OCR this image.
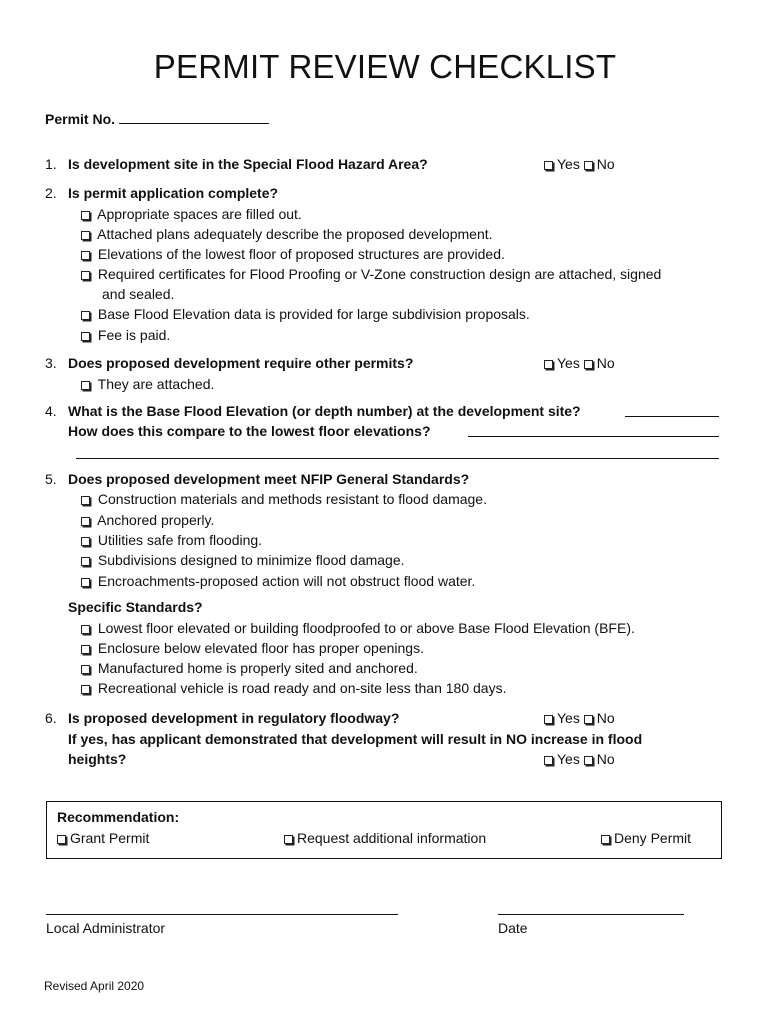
PERMIT REVIEW CHECKLIST
Permit No.
1. Is development site in the Special Flood Hazard Area?	Yes No
2. Is permit application complete?
Appropriate spaces are filled out.
Attached plans adequately describe the proposed development.
Elevations of the lowest floor of proposed structures are provided.
Required certificates for Flood Proofing or V-Zone construction design are attached, signed
and sealed.
Base Flood Elevation data is provided for large subdivision proposals.
Fee is paid.
3. Does proposed development require other permits?	Yes No
They are attached.
4. What is the Base Flood Elevation (or depth number) at the development site?
How does this compare to the lowest floor elevations?
5. Does proposed development meet NFIP General Standards?
Construction materials and methods resistant to flood damage.
Anchored properly.
Utilities safe from flooding.
Subdivisions designed to minimize flood damage.
Encroachments-proposed action will not obstruct flood water.
Specific Standards?
Lowest floor elevated or building floodproofed to or above Base Flood Elevation (BFE).
Enclosure below elevated floor has proper openings.
Manufactured home is properly sited and anchored.
Recreational vehicle is road ready and on-site less than 180 days.
6. Is proposed development in regulatory floodway?	Yes No
If yes, has applicant demonstrated that development will result in NO increase in flood
heights?	Yes No
Recommendation:
Grant Permit	Request additional information	Deny Permit
Local Administrator	Date
Revised April 2020
